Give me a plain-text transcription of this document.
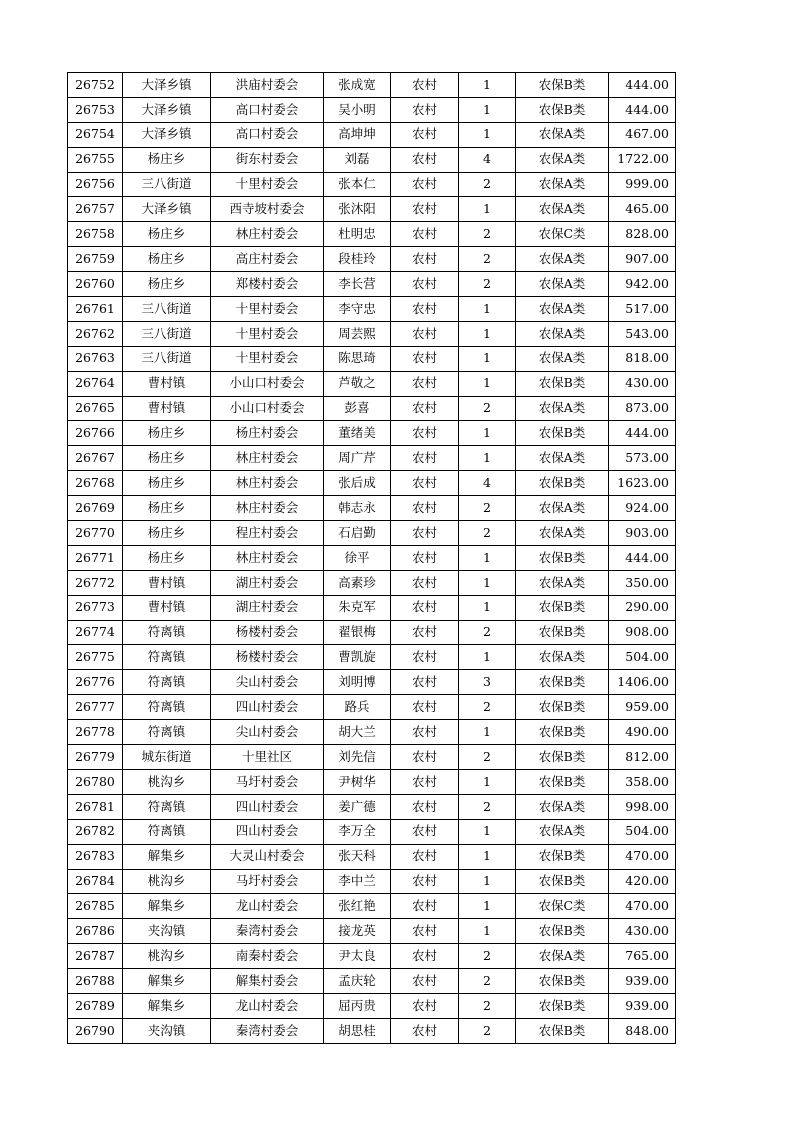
26752	大泽乡镇	洪庙村委会	张成宽	农村	1	农保B类	444.00
26753	大泽乡镇	高口村委会	吴小明	农村	1	农保B类	444.00
26754	大泽乡镇	高口村委会	高坤坤	农村	1	农保A类	467.00
26755	杨庄乡	街东村委会	刘磊	农村	4	农保A类	1722.00
26756	三八街道	十里村委会	张本仁	农村	2	农保A类	999.00
26757	大泽乡镇	西寺坡村委会	张沐阳	农村	1	农保A类	465.00
26758	杨庄乡	林庄村委会	杜明忠	农村	2	农保C类	828.00
26759	杨庄乡	高庄村委会	段桂玲	农村	2	农保A类	907.00
26760	杨庄乡	郑楼村委会	李长营	农村	2	农保A类	942.00
26761	三八街道	十里村委会	李守忠	农村	1	农保A类	517.00
26762	三八街道	十里村委会	周芸熙	农村	1	农保A类	543.00
26763	三八街道	十里村委会	陈思琦	农村	1	农保A类	818.00
26764	曹村镇	小山口村委会	芦敬之	农村	1	农保B类	430.00
26765	曹村镇	小山口村委会	彭喜	农村	2	农保A类	873.00
26766	杨庄乡	杨庄村委会	董绪美	农村	1	农保B类	444.00
26767	杨庄乡	林庄村委会	周广芹	农村	1	农保A类	573.00
26768	杨庄乡	林庄村委会	张后成	农村	4	农保B类	1623.00
26769	杨庄乡	林庄村委会	韩志永	农村	2	农保A类	924.00
26770	杨庄乡	程庄村委会	石启勤	农村	2	农保A类	903.00
26771	杨庄乡	林庄村委会	徐平	农村	1	农保B类	444.00
26772	曹村镇	湖庄村委会	高素珍	农村	1	农保A类	350.00
26773	曹村镇	湖庄村委会	朱克军	农村	1	农保B类	290.00
26774	符离镇	杨楼村委会	翟银梅	农村	2	农保B类	908.00
26775	符离镇	杨楼村委会	曹凯旋	农村	1	农保A类	504.00
26776	符离镇	尖山村委会	刘明博	农村	3	农保B类	1406.00
26777	符离镇	四山村委会	路兵	农村	2	农保B类	959.00
26778	符离镇	尖山村委会	胡大兰	农村	1	农保B类	490.00
26779	城东街道	十里社区	刘先信	农村	2	农保B类	812.00
26780	桃沟乡	马圩村委会	尹树华	农村	1	农保B类	358.00
26781	符离镇	四山村委会	姜广德	农村	2	农保A类	998.00
26782	符离镇	四山村委会	李万全	农村	1	农保A类	504.00
26783	解集乡	大灵山村委会	张天科	农村	1	农保B类	470.00
26784	桃沟乡	马圩村委会	李中兰	农村	1	农保B类	420.00
26785	解集乡	龙山村委会	张红艳	农村	1	农保C类	470.00
26786	夹沟镇	秦湾村委会	接龙英	农村	1	农保B类	430.00
26787	桃沟乡	南秦村委会	尹太良	农村	2	农保A类	765.00
26788	解集乡	解集村委会	孟庆轮	农村	2	农保B类	939.00
26789	解集乡	龙山村委会	屈丙贵	农村	2	农保B类	939.00
26790	夹沟镇	秦湾村委会	胡思桂	农村	2	农保B类	848.00
